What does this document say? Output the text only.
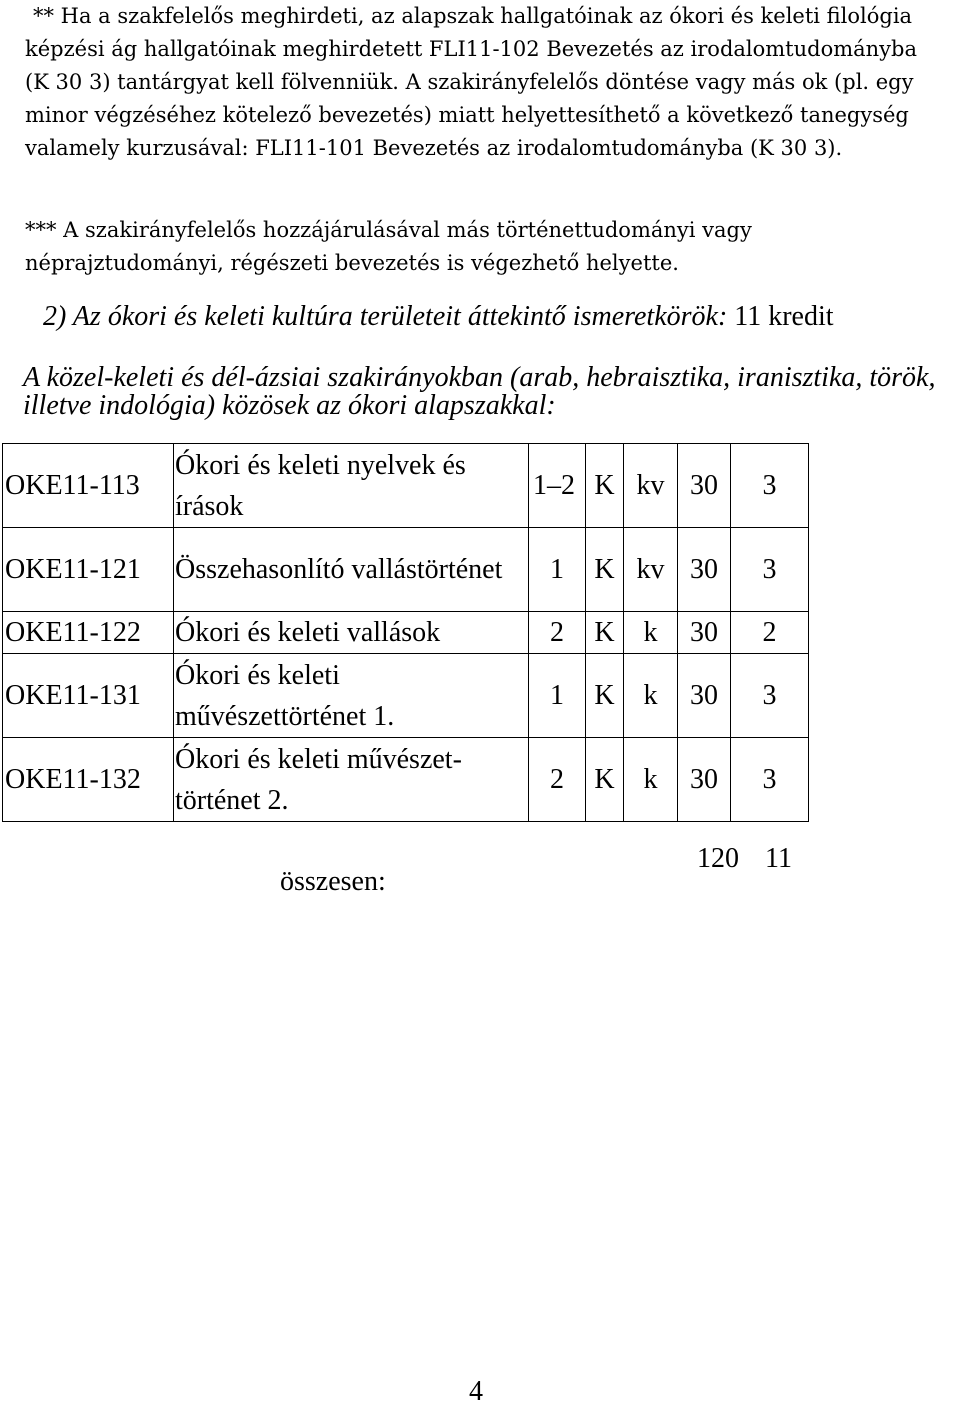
** Ha a szakfelelős meghirdeti, az alapszak hallgatóinak az ókori és keleti filológia képzési ág hallgatóinak meghirdetett FLI11-102 Bevezetés az irodalomtudományba (K 30 3) tantárgyat kell fölvenniük. A szakirányfelelős döntése vagy más ok (pl. egy minor végzéséhez kötelező bevezetés) miatt helyettesíthető a következő tanegység valamely kurzusával: FLI11-101 Bevezetés az irodalomtudományba (K 30 3).

*** A szakirányfelelős hozzájárulásával más történettudományi vagy néprajztudományi, régészeti bevezetés is végezhető helyette.

2) Az ókori és keleti kultúra területeit áttekintő ismeretkörök: 11 kredit

A közel-keleti és dél-ázsiai szakirányokban (arab, hebraisztika, iranisztika, török, illetve indológia) közösek az ókori alapszakkal:

OKE11-113	Ókori és keleti nyelvek és írások	1–2	K	kv	30	3
OKE11-121	Összehasonlító vallástörténet	1	K	kv	30	3
OKE11-122	Ókori és keleti vallások	2	K	k	30	2
OKE11-131	Ókori és keleti művészettörténet 1.	1	K	k	30	3
OKE11-132	Ókori és keleti művészet-történet 2.	2	K	k	30	3
összesen:
120 11
4
